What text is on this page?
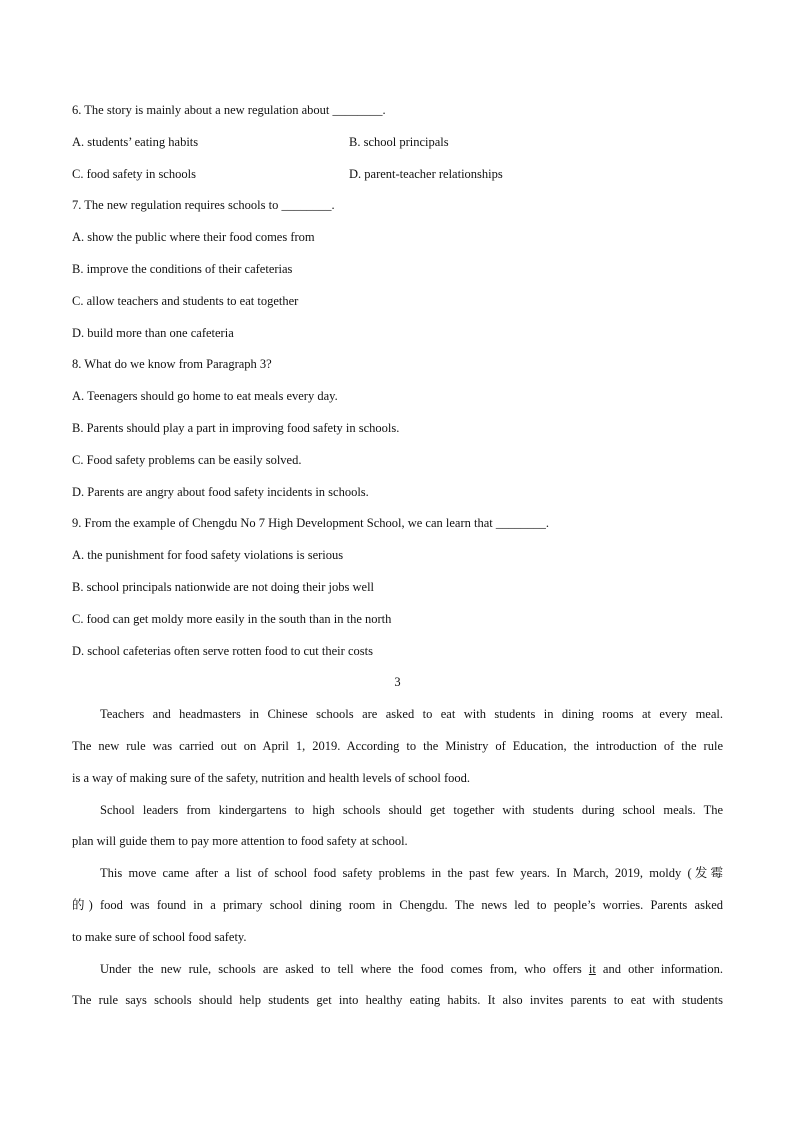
6. The story is mainly about a new regulation about ________.
A. students’ eating habits	B. school principals
C. food safety in schools	D. parent-teacher relationships
7. The new regulation requires schools to ________.
A. show the public where their food comes from
B. improve the conditions of their cafeterias
C. allow teachers and students to eat together
D. build more than one cafeteria
8. What do we know from Paragraph 3?
A. Teenagers should go home to eat meals every day.
B. Parents should play a part in improving food safety in schools.
C. Food safety problems can be easily solved.
D. Parents are angry about food safety incidents in schools.
9. From the example of Chengdu No 7 High Development School, we can learn that ________.
A. the punishment for food safety violations is serious
B. school principals nationwide are not doing their jobs well
C. food can get moldy more easily in the south than in the north
D. school cafeterias often serve rotten food to cut their costs
3
Teachers and headmasters in Chinese schools are asked to eat with students in dining rooms at every meal.
The new rule was carried out on April 1, 2019. According to the Ministry of Education, the introduction of the rule
is a way of making sure of the safety, nutrition and health levels of school food.
School leaders from kindergartens to high schools should get together with students during school meals. The
plan will guide them to pay more attention to food safety at school.
This move came after a list of school food safety problems in the past few years. In March, 2019, moldy (发霉
的) food was found in a primary school dining room in Chengdu. The news led to people’s worries. Parents asked
to make sure of school food safety.
Under the new rule, schools are asked to tell where the food comes from, who offers it and other information.
The rule says schools should help students get into healthy eating habits. It also invites parents to eat with students
